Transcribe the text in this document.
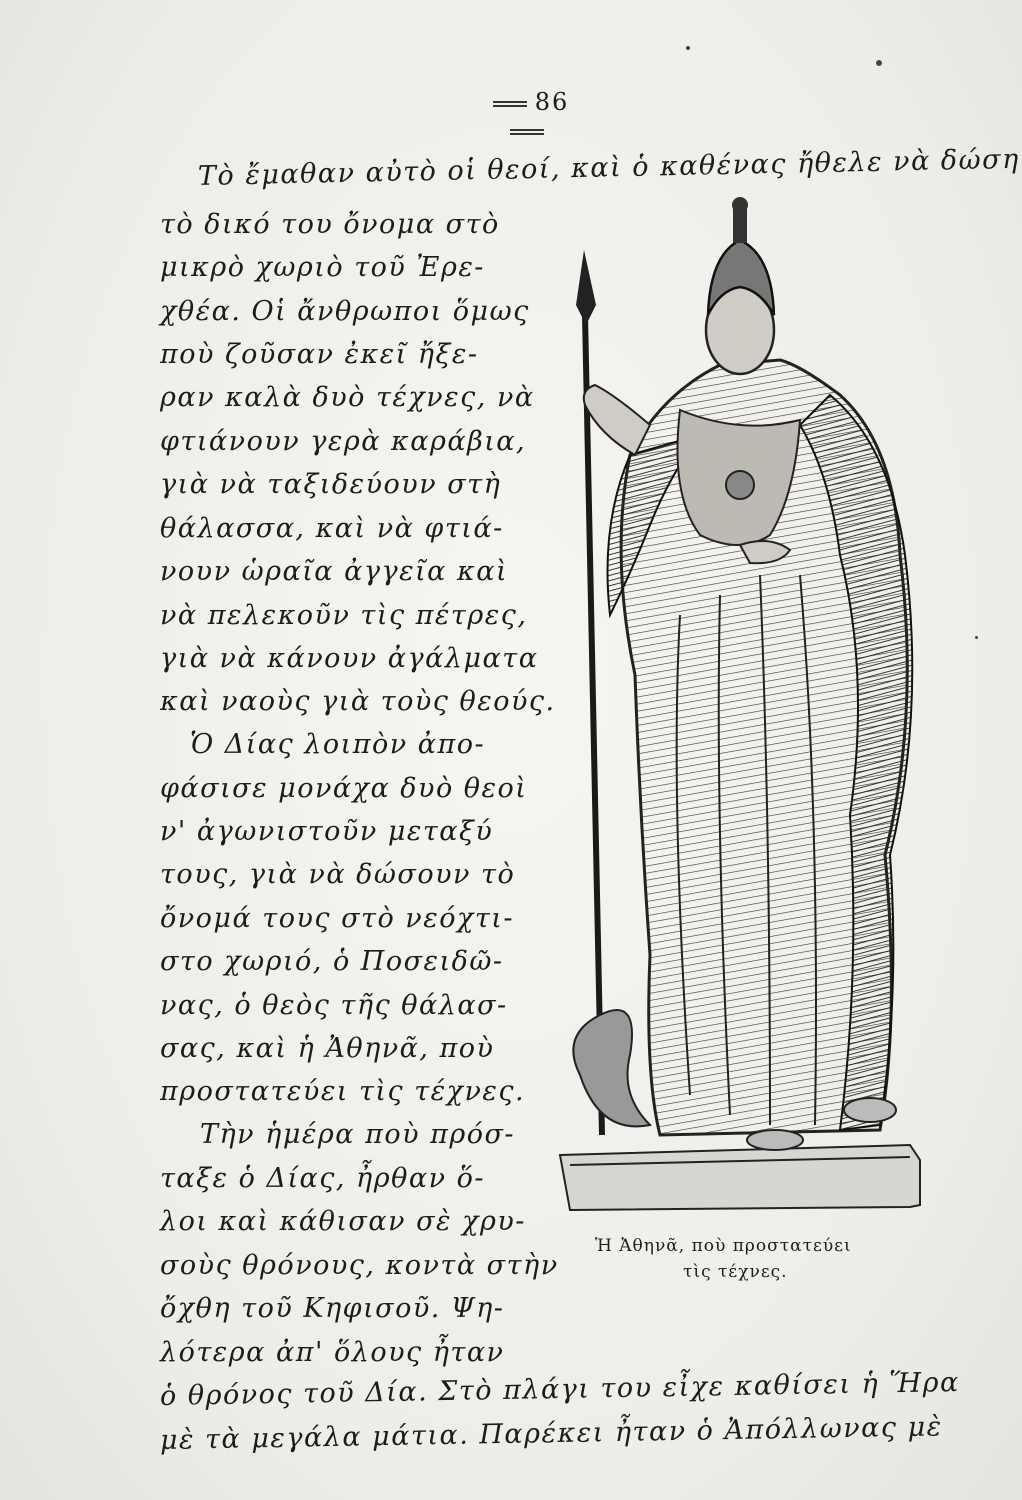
86
Τὸ ἔμαθαν αὐτὸ οἱ θεοί, καὶ ὁ καθένας ἤθελε νὰ δώση
τὸ δικό του ὄνομα στὸ
μικρὸ χωριὸ τοῦ Ἐρε-
χθέα. Οἱ ἄνθρωποι ὅμως
ποὺ ζοῦσαν ἐκεῖ ἤξε-
ραν καλὰ δυὸ τέχνες, νὰ
φτιάνουν γερὰ καράβια,
γιὰ νὰ ταξιδεύουν στὴ
θάλασσα, καὶ νὰ φτιά-
νουν ὡραῖα ἀγγεῖα καὶ
νὰ πελεκοῦν τὶς πέτρες,
γιὰ νὰ κάνουν ἀγάλματα
καὶ ναοὺς γιὰ τοὺς θεούς.
Ὁ Δίας λοιπὸν ἀπο-
φάσισε μονάχα δυὸ θεοὶ
ν' ἀγωνιστοῦν μεταξύ
τους, γιὰ νὰ δώσουν τὸ
ὄνομά τους στὸ νεόχτι-
στο χωριό, ὁ Ποσειδῶ-
νας, ὁ θεὸς τῆς θάλασ-
σας, καὶ ἡ Ἀθηνᾶ, ποὺ
προστατεύει τὶς τέχνες.
Τὴν ἡμέρα ποὺ πρόσ-
ταξε ὁ Δίας, ἦρθαν ὅ-
λοι καὶ κάθισαν σὲ χρυ-
σοὺς θρόνους, κοντὰ στὴν
ὄχθη τοῦ Κηφισοῦ. Ψη-
λότερα ἀπ' ὅλους ἦταν
ὁ θρόνος τοῦ Δία. Στὸ πλάγι του εἶχε καθίσει ἡ Ἥρα
μὲ τὰ μεγάλα μάτια. Παρέκει ἦταν ὁ Ἀπόλλωνας μὲ
Ἡ Ἀθηνᾶ, ποὺ προστατεύει
τὶς τέχνες.
